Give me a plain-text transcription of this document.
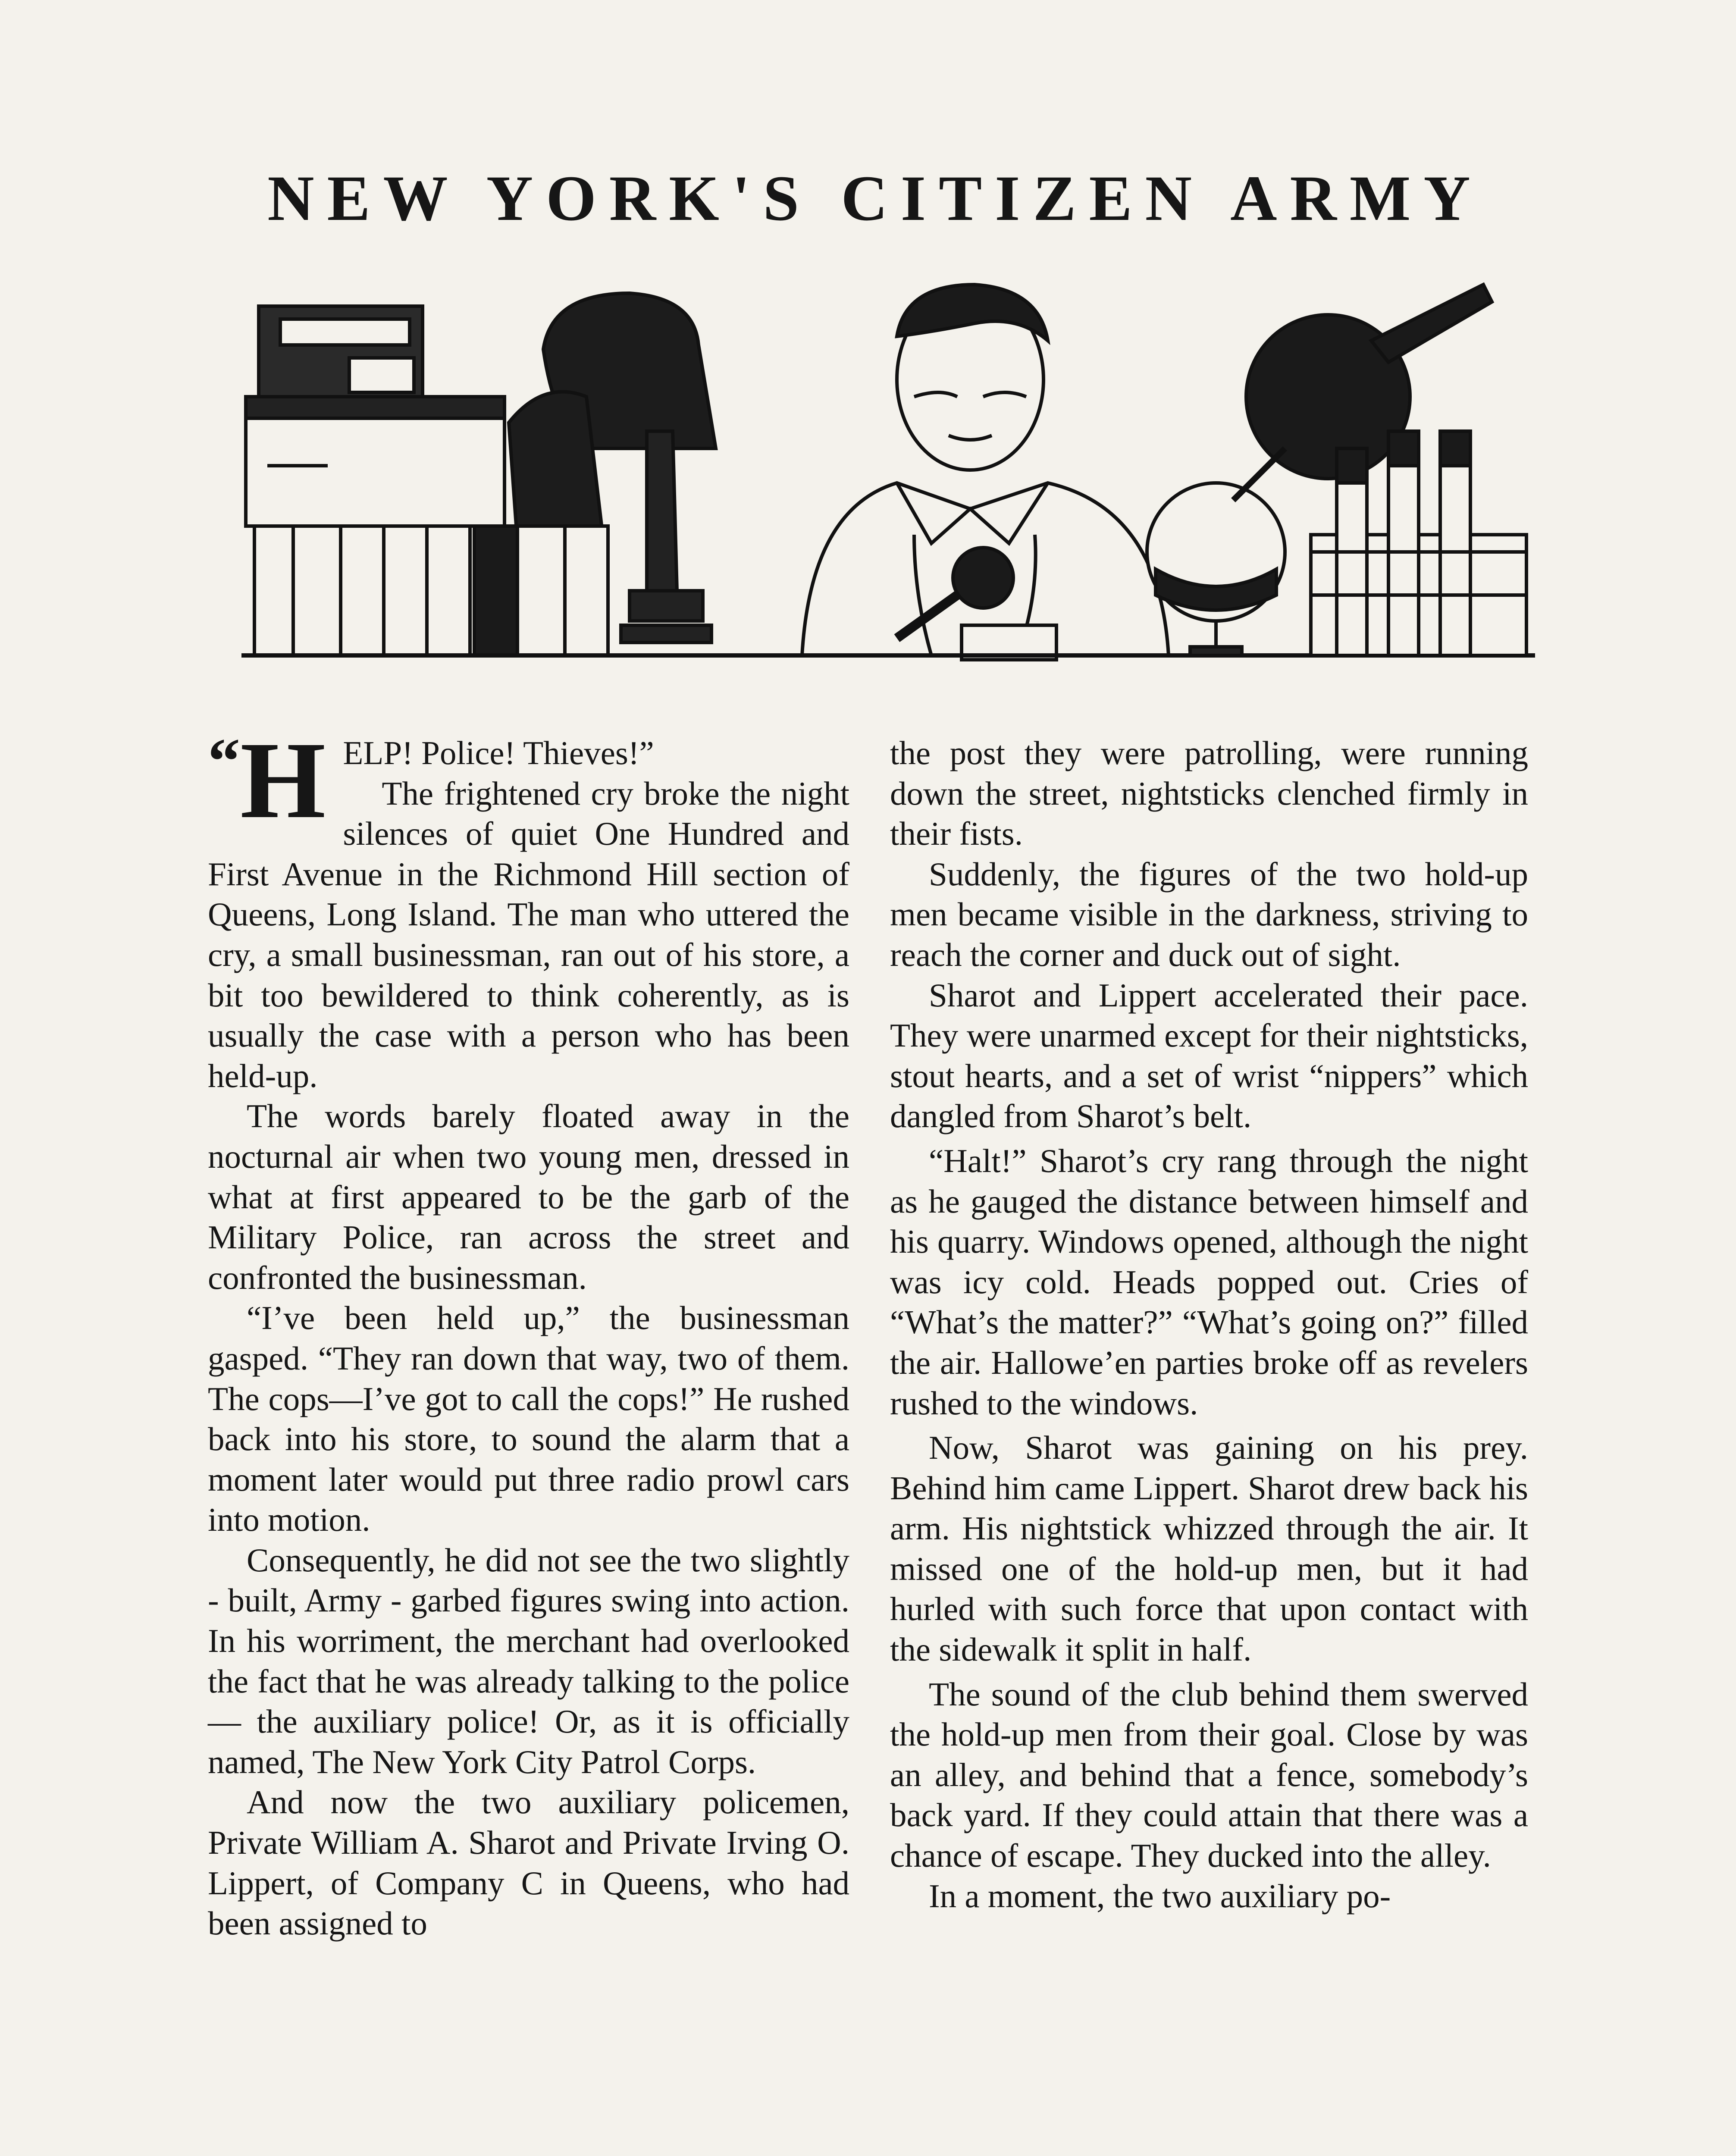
NEW YORK'S CITIZEN ARMY
“ H ELP! Police! Thieves!”

The frightened cry broke the night silences of quiet One Hundred and First Avenue in the Richmond Hill section of Queens, Long Island. The man who uttered the cry, a small businessman, ran out of his store, a bit too bewildered to think coherently, as is usually the case with a person who has been held-up.

The words barely floated away in the nocturnal air when two young men, dressed in what at first appeared to be the garb of the Military Police, ran across the street and confronted the businessman.

“I’ve been held up,” the businessman gasped. “They ran down that way, two of them. The cops—I’ve got to call the cops!” He rushed back into his store, to sound the alarm that a moment later would put three radio prowl cars into motion.

Consequently, he did not see the two slightly - built, Army - garbed figures swing into action. In his worriment, the merchant had overlooked the fact that he was already talking to the police— the auxiliary police! Or, as it is officially named, The New York City Patrol Corps.

And now the two auxiliary policemen, Private William A. Sharot and Private Irving O. Lippert, of Company C in Queens, who had been assigned to

the post they were patrolling, were running down the street, nightsticks clenched firmly in their fists.

Suddenly, the figures of the two hold-up men became visible in the darkness, striving to reach the corner and duck out of sight.

Sharot and Lippert accelerated their pace. They were unarmed except for their nightsticks, stout hearts, and a set of wrist “nippers” which dangled from Sharot’s belt.

“Halt!” Sharot’s cry rang through the night as he gauged the distance between himself and his quarry. Windows opened, although the night was icy cold. Heads popped out. Cries of “What’s the matter?” “What’s going on?” filled the air. Hallowe’en parties broke off as revelers rushed to the windows.

Now, Sharot was gaining on his prey. Behind him came Lippert. Sharot drew back his arm. His nightstick whizzed through the air. It missed one of the hold-up men, but it had hurled with such force that upon contact with the sidewalk it split in half.

The sound of the club behind them swerved the hold-up men from their goal. Close by was an alley, and behind that a fence, somebody’s back yard. If they could attain that there was a chance of escape. They ducked into the alley.

In a moment, the two auxiliary po-
